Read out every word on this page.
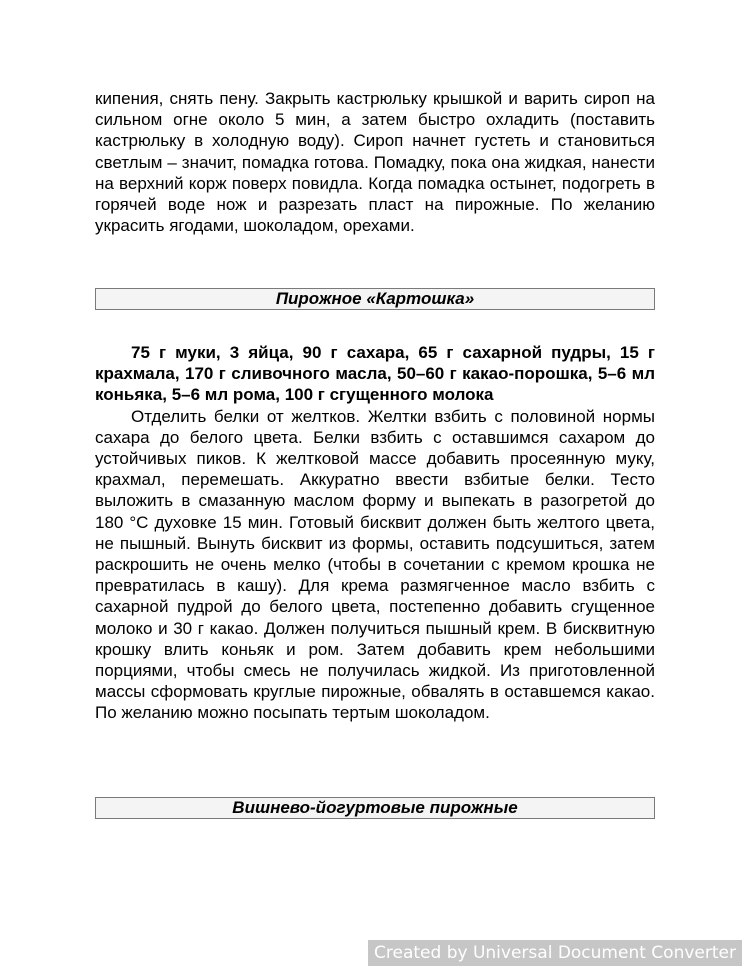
кипения, снять пену. Закрыть кастрюльку крышкой и варить сироп на сильном огне около 5 мин, а затем быстро охладить (поставить кастрюльку в холодную воду). Сироп начнет густеть и становиться светлым – значит, помадка готова. Помадку, пока она жидкая, нанести на верхний корж поверх повидла. Когда помадка остынет, подогреть в горячей воде нож и разрезать пласт на пирожные. По желанию украсить ягодами, шоколадом, орехами.

Пирожное «Картошка»

75 г муки, 3 яйца, 90 г сахара, 65 г сахарной пудры, 15 г крахмала, 170 г сливочного масла, 50–60 г какао-порошка, 5–6 мл коньяка, 5–6 мл рома, 100 г сгущенного молока

Отделить белки от желтков. Желтки взбить с половиной нормы сахара до белого цвета. Белки взбить с оставшимся сахаром до устойчивых пиков. К желтковой массе добавить просеянную муку, крахмал, перемешать. Аккуратно ввести взбитые белки. Тесто выложить в смазанную маслом форму и выпекать в разогретой до 180 °С духовке 15 мин. Готовый бисквит должен быть желтого цвета, не пышный. Вынуть бисквит из формы, оставить подсушиться, затем раскрошить не очень мелко (чтобы в сочетании с кремом крошка не превратилась в кашу). Для крема размягченное масло взбить с сахарной пудрой до белого цвета, постепенно добавить сгущенное молоко и 30 г какао. Должен получиться пышный крем. В бисквитную крошку влить коньяк и ром. Затем добавить крем небольшими порциями, чтобы смесь не получилась жидкой. Из приготовленной массы сформовать круглые пирожные, обвалять в оставшемся какао. По желанию можно посыпать тертым шоколадом.

Вишнево-йогуртовые пирожные
Created by Universal Document Converter
